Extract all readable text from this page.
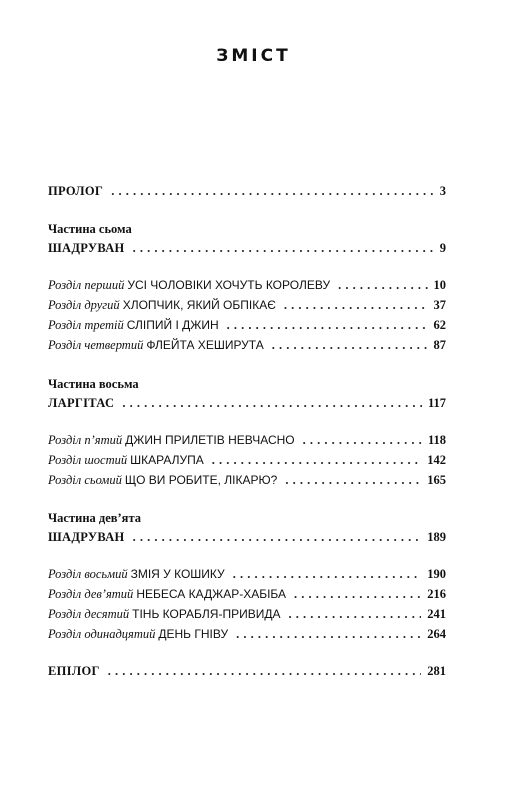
ЗМІСТ
ПРОЛОГ . . .	3
Частина сьома
ШАДРУВАН . . .	9
Розділ перший УСІ ЧОЛОВІКИ ХОЧУТЬ КОРОЛЕВУ . . .	10
Розділ другий ХЛОПЧИК, ЯКИЙ ОБПІКАЄ . . .	37
Розділ третій СЛІПИЙ І ДЖИН . . .	62
Розділ четвертий ФЛЕЙТА ХЕШИРУТА . . .	87
Частина восьма
ЛАРГІТАС . . .	117
Розділ п’ятий ДЖИН ПРИЛЕТІВ НЕВЧАСНО . . .	118
Розділ шостий ШКАРАЛУПА . . .	142
Розділ сьомий ЩО ВИ РОБИТЕ, ЛІКАРЮ? . . .	165
Частина дев’ята
ШАДРУВАН . . .	189
Розділ восьмий ЗМІЯ У КОШИКУ . . .	190
Розділ дев’ятий НЕБЕСА КАДЖАР-ХАБІБА . . .	216
Розділ десятий ТІНЬ КОРАБЛЯ-ПРИВИДА . . .	241
Розділ одинадцятий ДЕНЬ ГНІВУ . . .	264
ЕПІЛОГ . . .	281
